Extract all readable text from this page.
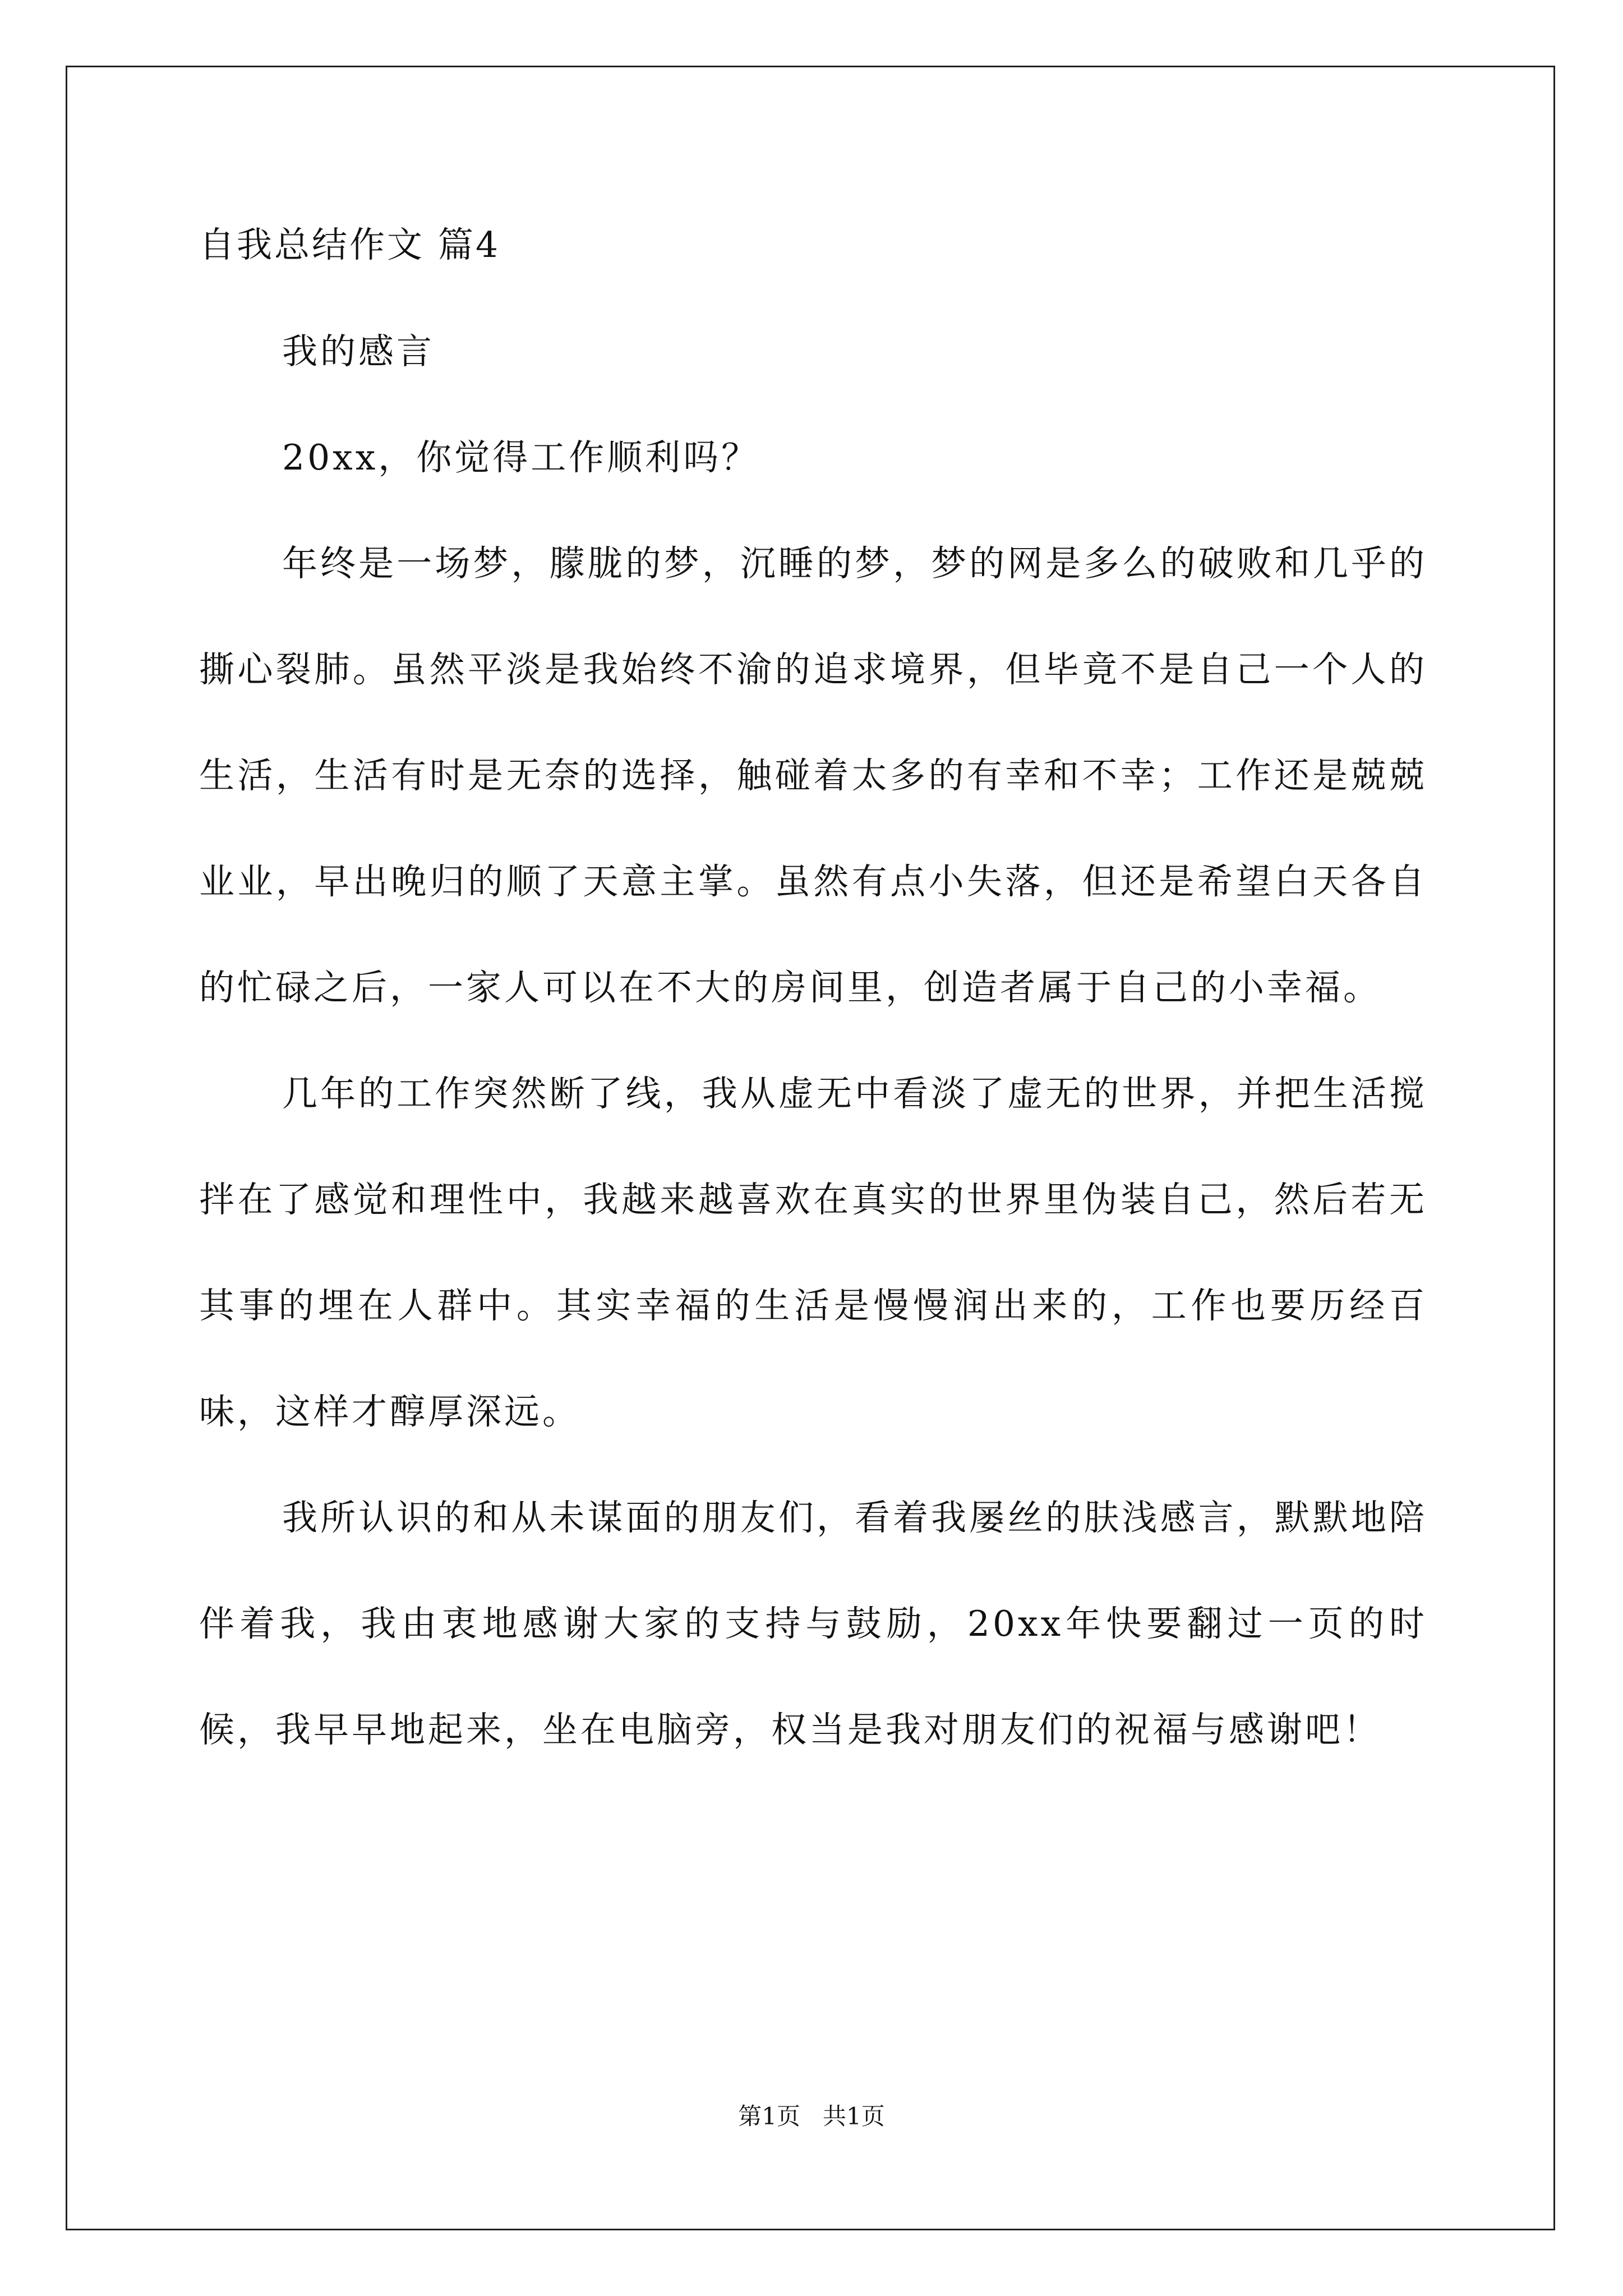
自我总结作文 篇4

我的感言

20xx，你觉得工作顺利吗？

年终是一场梦，朦胧的梦，沉睡的梦，梦的网是多么的破败和几乎的撕心裂肺。虽然平淡是我始终不渝的追求境界，但毕竟不是自己一个人的生活，生活有时是无奈的选择，触碰着太多的有幸和不幸；工作还是兢兢业业，早出晚归的顺了天意主掌。虽然有点小失落，但还是希望白天各自的忙碌之后，一家人可以在不大的房间里，创造者属于自己的小幸福。

几年的工作突然断了线，我从虚无中看淡了虚无的世界，并把生活搅拌在了感觉和理性中，我越来越喜欢在真实的世界里伪装自己，然后若无其事的埋在人群中。其实幸福的生活是慢慢润出来的，工作也要历经百味，这样才醇厚深远。

我所认识的和从未谋面的朋友们，看着我屡丝的肤浅感言，默默地陪伴着我，我由衷地感谢大家的支持与鼓励，20xx年快要翻过一页的时候，我早早地起来，坐在电脑旁，权当是我对朋友们的祝福与感谢吧！

第1页   共1页
